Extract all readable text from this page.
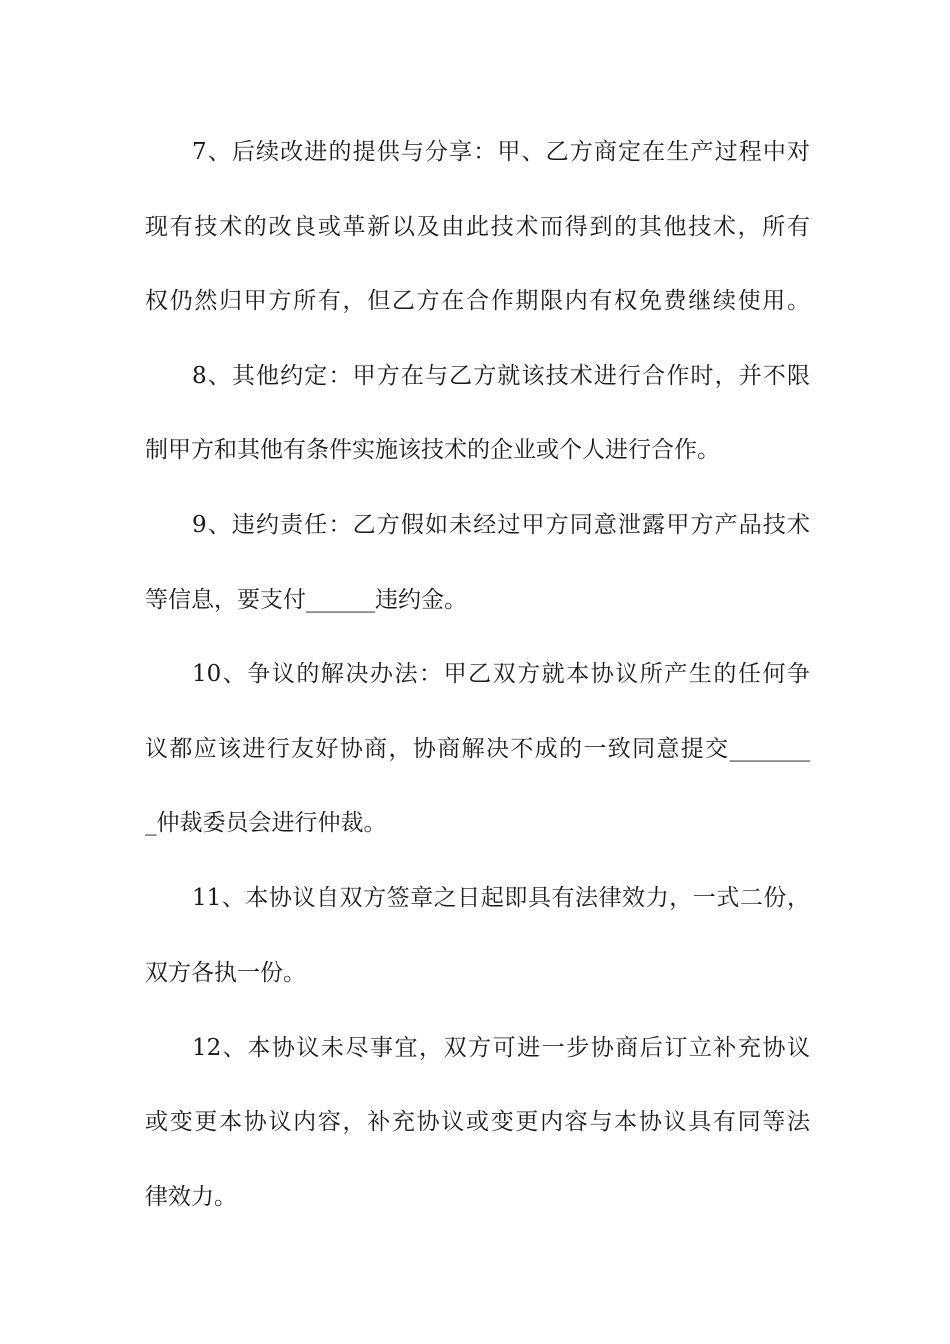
7、后续改进的提供与分享：甲、乙方商定在生产过程中对
现有技术的改良或革新以及由此技术而得到的其他技术，所有
权仍然归甲方所有，但乙方在合作期限内有权免费继续使用。
8、其他约定：甲方在与乙方就该技术进行合作时，并不限
制甲方和其他有条件实施该技术的企业或个人进行合作。
9、违约责任：乙方假如未经过甲方同意泄露甲方产品技术
等信息，要支付______违约金。
10、争议的解决办法：甲乙双方就本协议所产生的任何争
议都应该进行友好协商，协商解决不成的一致同意提交_______
_仲裁委员会进行仲裁。
11、本协议自双方签章之日起即具有法律效力，一式二份，
双方各执一份。
12、本协议未尽事宜，双方可进一步协商后订立补充协议
或变更本协议内容，补充协议或变更内容与本协议具有同等法
律效力。
